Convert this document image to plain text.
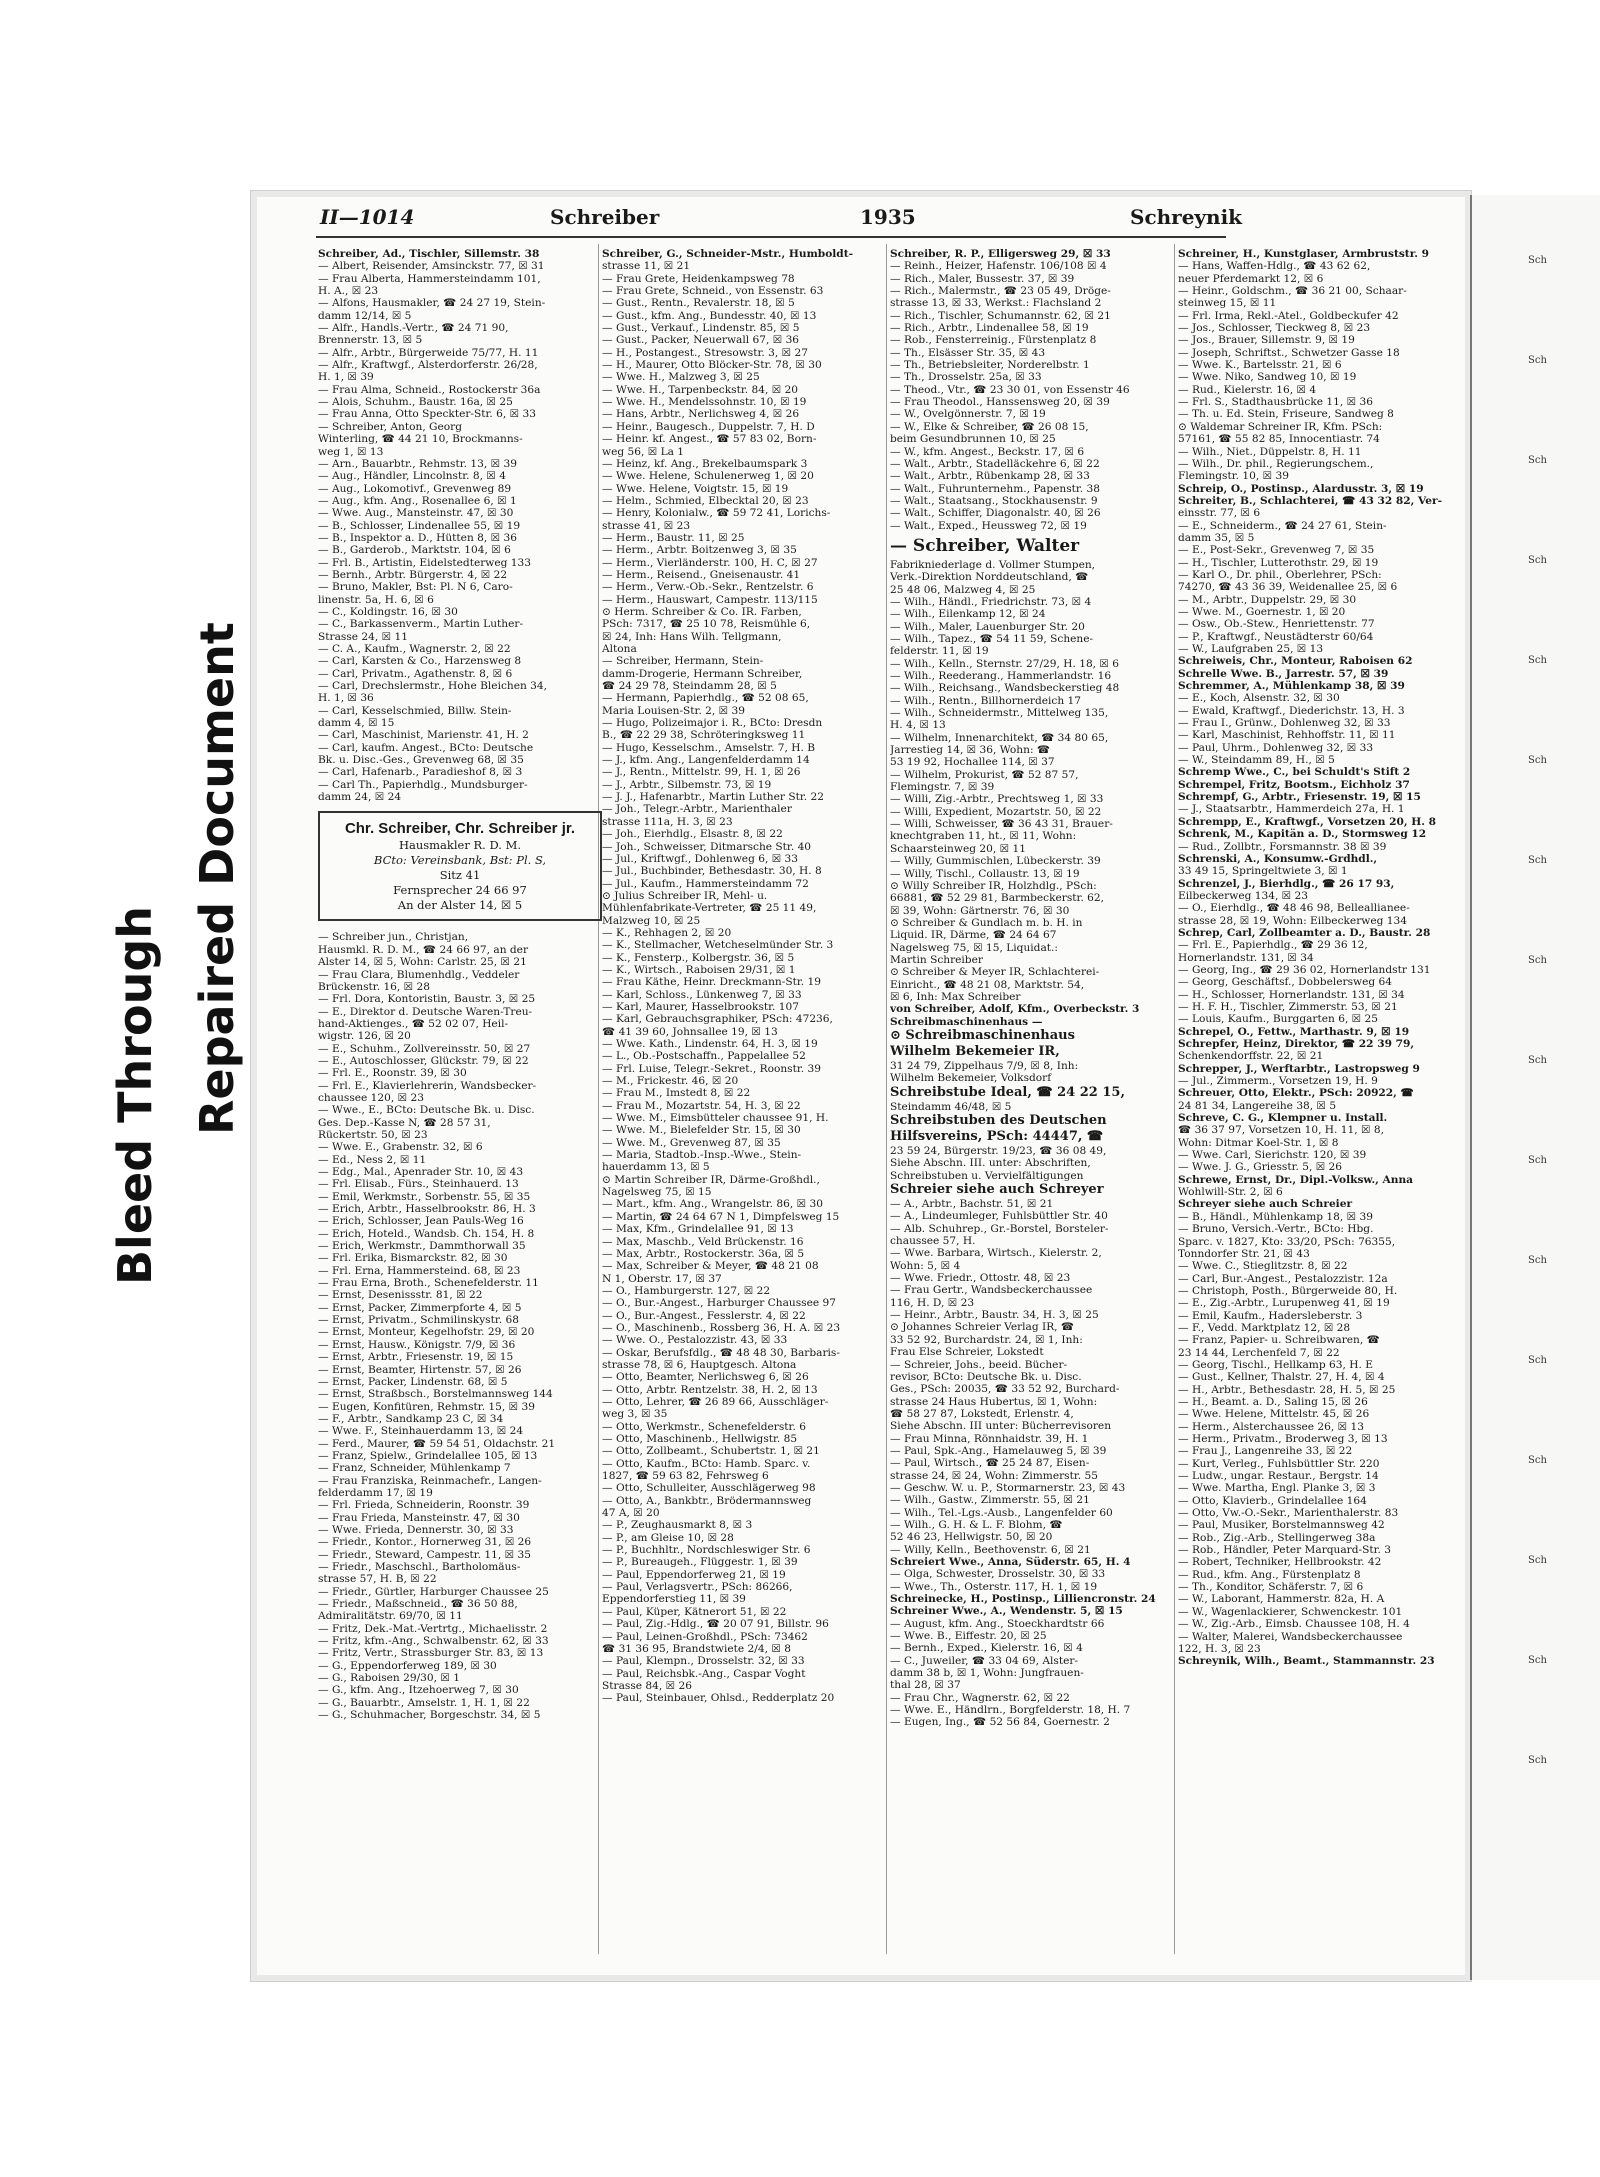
Bleed Through Repaired Document
Sch
Sch
Sch
Sch
Sch
Sch
Sch
Sch
Sch
Sch
Sch
Sch
Sch
Sch
Sch
Sch
II—1014	Schreiber	1935	Schreynik
Schreiber, Ad., Tischler, Sillemstr. 38
— Albert, Reisender, Amsinckstr. 77, ☒ 31
— Frau Alberta, Hammersteindamm 101,
H. A., ☒ 23
— Alfons, Hausmakler, ☎ 24 27 19, Stein-
damm 12/14, ☒ 5
— Alfr., Handls.-Vertr., ☎ 24 71 90,
Brennerstr. 13, ☒ 5
— Alfr., Arbtr., Bürgerweide 75/77, H. 11
— Alfr., Kraftwgf., Alsterdorferstr. 26/28,
H. 1, ☒ 39
— Frau Alma, Schneid., Rostockerstr 36a
— Alois, Schuhm., Baustr. 16a, ☒ 25
— Frau Anna, Otto Speckter-Str. 6, ☒ 33
— Schreiber, Anton, Georg
Winterling, ☎ 44 21 10, Brockmanns-
weg 1, ☒ 13
— Arn., Bauarbtr., Rehmstr. 13, ☒ 39
— Aug., Händler, Lincolnstr. 8, ☒ 4
— Aug., Lokomotivf., Grevenweg 89
— Aug., kfm. Ang., Rosenallee 6, ☒ 1
— Wwe. Aug., Mansteinstr. 47, ☒ 30
— B., Schlosser, Lindenallee 55, ☒ 19
— B., Inspektor a. D., Hütten 8, ☒ 36
— B., Garderob., Marktstr. 104, ☒ 6
— Frl. B., Artistin, Eidelstedterweg 133
— Bernh., Arbtr. Bürgerstr. 4, ☒ 22
— Bruno, Makler, Bst: Pl. N 6, Caro-
linenstr. 5a, H. 6, ☒ 6
— C., Koldingstr. 16, ☒ 30
— C., Barkassenverm., Martin Luther-
Strasse 24, ☒ 11
— C. A., Kaufm., Wagnerstr. 2, ☒ 22
— Carl, Karsten & Co., Harzensweg 8
— Carl, Privatm., Agathenstr. 8, ☒ 6
— Carl, Drechslermstr., Hohe Bleichen 34,
H. 1, ☒ 36
— Carl, Kesselschmied, Billw. Stein-
damm 4, ☒ 15
— Carl, Maschinist, Marienstr. 41, H. 2
— Carl, kaufm. Angest., BCto: Deutsche
Bk. u. Disc.-Ges., Grevenweg 68, ☒ 35
— Carl, Hafenarb., Paradieshof 8, ☒ 3
— Carl Th., Papierhdlg., Mundsburger-
damm 24, ☒ 24
Chr. Schreiber, Chr. Schreiber jr.
Hausmakler R. D. M.
BCto: Vereinsbank, Bst: Pl. S,
Sitz 41
Fernsprecher 24 66 97
An der Alster 14, ☒ 5
— Schreiber jun., Christjan,
Hausmkl. R. D. M., ☎ 24 66 97, an der
Alster 14, ☒ 5, Wohn: Carlstr. 25, ☒ 21
— Frau Clara, Blumenhdlg., Veddeler
Brückenstr. 16, ☒ 28
— Frl. Dora, Kontoristin, Baustr. 3, ☒ 25
— E., Direktor d. Deutsche Waren-Treu-
hand-Aktienges., ☎ 52 02 07, Heil-
wigstr. 126, ☒ 20
— E., Schuhm., Zollvereinsstr. 50, ☒ 27
— E., Autoschlosser, Glückstr. 79, ☒ 22
— Frl. E., Roonstr. 39, ☒ 30
— Frl. E., Klavierlehrerin, Wandsbecker-
chaussee 120, ☒ 23
— Wwe., E., BCto: Deutsche Bk. u. Disc.
Ges. Dep.-Kasse N, ☎ 28 57 31,
Rückertstr. 50, ☒ 23
— Wwe. E., Grabenstr. 32, ☒ 6
— Ed., Ness 2, ☒ 11
— Edg., Mal., Apenrader Str. 10, ☒ 43
— Frl. Elisab., Fürs., Steinhauerd. 13
— Emil, Werkmstr., Sorbenstr. 55, ☒ 35
— Erich, Arbtr., Hasselbrookstr. 86, H. 3
— Erich, Schlosser, Jean Pauls-Weg 16
— Erich, Hoteld., Wandsb. Ch. 154, H. 8
— Erich, Werkmstr., Dammthorwall 35
— Frl. Erika, Bismarckstr. 82, ☒ 30
— Frl. Erna, Hammersteind. 68, ☒ 23
— Frau Erna, Broth., Schenefelderstr. 11
— Ernst, Desenissstr. 81, ☒ 22
— Ernst, Packer, Zimmerpforte 4, ☒ 5
— Ernst, Privatm., Schmilinskystr. 68
— Ernst, Monteur, Kegelhofstr. 29, ☒ 20
— Ernst, Hausw., Königstr. 7/9, ☒ 36
— Ernst, Arbtr., Friesenstr. 19, ☒ 15
— Ernst, Beamter, Hirtenstr. 57, ☒ 26
— Ernst, Packer, Lindenstr. 68, ☒ 5
— Ernst, Straßbsch., Borstelmannsweg 144
— Eugen, Konfitüren, Rehmstr. 15, ☒ 39
— F., Arbtr., Sandkamp 23 C, ☒ 34
— Wwe. F., Steinhauerdamm 13, ☒ 24
— Ferd., Maurer, ☎ 59 54 51, Oldachstr. 21
— Franz, Spielw., Grindelallee 105, ☒ 13
— Franz, Schneider, Mühlenkamp 7
— Frau Franziska, Reinmachefr., Langen-
felderdamm 17, ☒ 19
— Frl. Frieda, Schneiderin, Roonstr. 39
— Frau Frieda, Mansteinstr. 47, ☒ 30
— Wwe. Frieda, Dennerstr. 30, ☒ 33
— Friedr., Kontor., Hornerweg 31, ☒ 26
— Friedr., Steward, Campestr. 11, ☒ 35
— Friedr., Maschschl., Bartholomäus-
strasse 57, H. B, ☒ 22
— Friedr., Gürtler, Harburger Chaussee 25
— Friedr., Maßschneid., ☎ 36 50 88,
Admiralitätstr. 69/70, ☒ 11
— Fritz, Dek.-Mat.-Vertrtg., Michaelisstr. 2
— Fritz, kfm.-Ang., Schwalbenstr. 62, ☒ 33
— Fritz, Vertr., Strassburger Str. 83, ☒ 13
— G., Eppendorferweg 189, ☒ 30
— G., Raboisen 29/30, ☒ 1
— G., kfm. Ang., Itzehoerweg 7, ☒ 30
— G., Bauarbtr., Amselstr. 1, H. 1, ☒ 22
— G., Schuhmacher, Borgeschstr. 34, ☒ 5
Schreiber, G., Schneider-Mstr., Humboldt-
strasse 11, ☒ 21
— Frau Grete, Heidenkampsweg 78
— Frau Grete, Schneid., von Essenstr. 63
— Gust., Rentn., Revalerstr. 18, ☒ 5
— Gust., kfm. Ang., Bundesstr. 40, ☒ 13
— Gust., Verkauf., Lindenstr. 85, ☒ 5
— Gust., Packer, Neuerwall 67, ☒ 36
— H., Postangest., Stresowstr. 3, ☒ 27
— H., Maurer, Otto Blöcker-Str. 78, ☒ 30
— Wwe. H., Malzweg 3, ☒ 25
— Wwe. H., Tarpenbeckstr. 84, ☒ 20
— Wwe. H., Mendelssohnstr. 10, ☒ 19
— Hans, Arbtr., Nerlichsweg 4, ☒ 26
— Heinr., Baugesch., Duppelstr. 7, H. D
— Heinr. kf. Angest., ☎ 57 83 02, Born-
weg 56, ☒ La 1
— Heinz, kf. Ang., Brekelbaumspark 3
— Wwe. Helene, Schulenerweg 1, ☒ 20
— Wwe. Helene, Voigtstr. 15, ☒ 19
— Helm., Schmied, Elbecktal 20, ☒ 23
— Henry, Kolonialw., ☎ 59 72 41, Lorichs-
strasse 41, ☒ 23
— Herm., Baustr. 11, ☒ 25
— Herm., Arbtr. Boitzenweg 3, ☒ 35
— Herm., Vierländerstr. 100, H. C, ☒ 27
— Herm., Reisend., Gneisenaustr. 41
— Herm., Verw.-Ob.-Sekr., Rentzelstr. 6
— Herm., Hauswart, Campestr. 113/115
⊙ Herm. Schreiber & Co. IR. Farben,
PSch: 7317, ☎ 25 10 78, Reismühle 6,
☒ 24, Inh: Hans Wilh. Tellgmann,
Altona
— Schreiber, Hermann, Stein-
damm-Drogerie, Hermann Schreiber,
☎ 24 29 78, Steindamm 28, ☒ 5
— Hermann, Papierhdlg., ☎ 52 08 65,
Maria Louisen-Str. 2, ☒ 39
— Hugo, Polizeimajor i. R., BCto: Dresdn
B., ☎ 22 29 38, Schröteringksweg 11
— Hugo, Kesselschm., Amselstr. 7, H. B
— J., kfm. Ang., Langenfelderdamm 14
— J., Rentn., Mittelstr. 99, H. 1, ☒ 26
— J., Arbtr., Silbemstr. 73, ☒ 19
— J. J., Hafenarbtr., Martin Luther Str. 22
— Joh., Telegr.-Arbtr., Marienthaler
strasse 111a, H. 3, ☒ 23
— Joh., Eierhdlg., Elsastr. 8, ☒ 22
— Joh., Schweisser, Ditmarsche Str. 40
— Jul., Kriftwgf., Dohlenweg 6, ☒ 33
— Jul., Buchbinder, Bethesdastr. 30, H. 8
— Jul., Kaufm., Hammersteindamm 72
⊙ Julius Schreiber IR, Mehl- u.
Mühlenfabrikate-Vertreter, ☎ 25 11 49,
Malzweg 10, ☒ 25
— K., Rehhagen 2, ☒ 20
— K., Stellmacher, Wetcheselmünder Str. 3
— K., Fensterp., Kolbergstr. 36, ☒ 5
— K., Wirtsch., Raboisen 29/31, ☒ 1
— Frau Käthe, Heinr. Dreckmann-Str. 19
— Karl, Schloss., Lünkenweg 7, ☒ 33
— Karl, Maurer, Hasselbrookstr. 107
— Karl, Gebrauchsgraphiker, PSch: 47236,
☎ 41 39 60, Johnsallee 19, ☒ 13
— Wwe. Kath., Lindenstr. 64, H. 3, ☒ 19
— L., Ob.-Postschaffn., Pappelallee 52
— Frl. Luise, Telegr.-Sekret., Roonstr. 39
— M., Frickestr. 46, ☒ 20
— Frau M., Imstedt 8, ☒ 22
— Frau M., Mozartstr. 54, H. 3, ☒ 22
— Wwe. M., Eimsbütteler chaussee 91, H.
— Wwe. M., Bielefelder Str. 15, ☒ 30
— Wwe. M., Grevenweg 87, ☒ 35
— Maria, Stadtob.-Insp.-Wwe., Stein-
hauerdamm 13, ☒ 5
⊙ Martin Schreiber IR, Därme-Großhdl.,
Nagelsweg 75, ☒ 15
— Mart., kfm. Ang., Wrangelstr. 86, ☒ 30
— Martin, ☎ 24 64 67 N 1, Dimpfelsweg 15
— Max, Kfm., Grindelallee 91, ☒ 13
— Max, Maschb., Veld Brückenstr. 16
— Max, Arbtr., Rostockerstr. 36a, ☒ 5
— Max, Schreiber & Meyer, ☎ 48 21 08
N 1, Oberstr. 17, ☒ 37
— O., Hamburgerstr. 127, ☒ 22
— O., Bur.-Angest., Harburger Chaussee 97
— O., Bur.-Angest., Fesslerstr. 4, ☒ 22
— O., Maschinenb., Rossberg 36, H. A. ☒ 23
— Wwe. O., Pestalozzistr. 43, ☒ 33
— Oskar, Berufsfdlg., ☎ 48 48 30, Barbaris-
strasse 78, ☒ 6, Hauptgesch. Altona
— Otto, Beamter, Nerlichsweg 6, ☒ 26
— Otto, Arbtr. Rentzelstr. 38, H. 2, ☒ 13
— Otto, Lehrer, ☎ 26 89 66, Ausschläger-
weg 3, ☒ 35
— Otto, Werkmstr., Schenefelderstr. 6
— Otto, Maschinenb., Hellwigstr. 85
— Otto, Zollbeamt., Schubertstr. 1, ☒ 21
— Otto, Kaufm., BCto: Hamb. Sparc. v.
1827, ☎ 59 63 82, Fehrsweg 6
— Otto, Schulleiter, Ausschlägerweg 98
— Otto, A., Bankbtr., Brödermannsweg
47 A, ☒ 20
— P., Zeughausmarkt 8, ☒ 3
— P., am Gleise 10, ☒ 28
— P., Buchhltr., Nordschleswiger Str. 6
— P., Bureaugeh., Flüggestr. 1, ☒ 39
— Paul, Eppendorferweg 21, ☒ 19
— Paul, Verlagsvertr., PSch: 86266,
Eppendorferstieg 11, ☒ 39
— Paul, Küper, Kätnerort 51, ☒ 22
— Paul, Zig.-Hdlg., ☎ 20 07 91, Billstr. 96
— Paul, Leinen-Großhdl., PSch: 73462
☎ 31 36 95, Brandstwiete 2/4, ☒ 8
— Paul, Klempn., Drosselstr. 32, ☒ 33
— Paul, Reichsbk.-Ang., Caspar Voght
Strasse 84, ☒ 26
— Paul, Steinbauer, Ohlsd., Redderplatz 20
Schreiber, R. P., Elligersweg 29, ☒ 33
— Reinh., Heizer, Hafenstr. 106/108 ☒ 4
— Rich., Maler, Bussestr. 37, ☒ 39
— Rich., Malermstr., ☎ 23 05 49, Dröge-
strasse 13, ☒ 33, Werkst.: Flachsland 2
— Rich., Tischler, Schumannstr. 62, ☒ 21
— Rich., Arbtr., Lindenallee 58, ☒ 19
— Rob., Fensterreinig., Fürstenplatz 8
— Th., Elsässer Str. 35, ☒ 43
— Th., Betriebsleiter, Norderelbstr. 1
— Th., Drosselstr. 25a, ☒ 33
— Theod., Vtr., ☎ 23 30 01, von Essenstr 46
— Frau Theodol., Hanssensweg 20, ☒ 39
— W., Ovelgönnerstr. 7, ☒ 19
— W., Elke & Schreiber, ☎ 26 08 15,
beim Gesundbrunnen 10, ☒ 25
— W., kfm. Angest., Beckstr. 17, ☒ 6
— Walt., Arbtr., Stadelläckehre 6, ☒ 22
— Walt., Arbtr., Rübenkamp 28, ☒ 33
— Walt., Fuhrunternehm., Papenstr. 38
— Walt., Staatsang., Stockhausenstr. 9
— Walt., Schiffer, Diagonalstr. 40, ☒ 26
— Walt., Exped., Heussweg 72, ☒ 19
— Schreiber, Walter
Fabrikniederlage d. Vollmer Stumpen,
Verk.-Direktion Norddeutschland, ☎
25 48 06, Malzweg 4, ☒ 25
— Wilh., Händl., Friedrichstr. 73, ☒ 4
— Wilh., Eilenkamp 12, ☒ 24
— Wilh., Maler, Lauenburger Str. 20
— Wilh., Tapez., ☎ 54 11 59, Schene-
felderstr. 11, ☒ 19
— Wilh., Kelln., Sternstr. 27/29, H. 18, ☒ 6
— Wilh., Reederang., Hammerlandstr. 16
— Wilh., Reichsang., Wandsbeckerstieg 48
— Wilh., Rentn., Billhornerdeich 17
— Wilh., Schneidermstr., Mittelweg 135,
H. 4, ☒ 13
— Wilhelm, Innenarchitekt, ☎ 34 80 65,
Jarrestieg 14, ☒ 36, Wohn: ☎
53 19 92, Hochallee 114, ☒ 37
— Wilhelm, Prokurist, ☎ 52 87 57,
Flemingstr. 7, ☒ 39
— Willi, Zig.-Arbtr., Prechtsweg 1, ☒ 33
— Willi, Expedient, Mozartstr. 50, ☒ 22
— Willi, Schweisser, ☎ 36 43 31, Brauer-
knechtgraben 11, ht., ☒ 11, Wohn:
Schaarsteinweg 20, ☒ 11
— Willy, Gummischlen, Lübeckerstr. 39
— Willy, Tischl., Collaustr. 13, ☒ 19
⊙ Willy Schreiber IR, Holzhdlg., PSch:
66881, ☎ 52 29 81, Barmbeckerstr. 62,
☒ 39, Wohn: Gärtnerstr. 76, ☒ 30
⊙ Schreiber & Gundlach m. b. H. in
Liquid. IR, Därme, ☎ 24 64 67
Nagelsweg 75, ☒ 15, Liquidat.:
Martin Schreiber
⊙ Schreiber & Meyer IR, Schlachterei-
Einricht., ☎ 48 21 08, Marktstr. 54,
☒ 6, Inh: Max Schreiber
von Schreiber, Adolf, Kfm., Overbeckstr. 3
Schreibmaschinenhaus —
⊙ Schreibmaschinenhaus
Wilhelm Bekemeier IR,
31 24 79, Zippelhaus 7/9, ☒ 8, Inh:
Wilhelm Bekemeier, Volksdorf
Schreibstube Ideal, ☎ 24 22 15,
Steindamm 46/48, ☒ 5
Schreibstuben des Deutschen
Hilfsvereins, PSch: 44447, ☎
23 59 24, Bürgerstr. 19/23, ☎ 36 08 49,
Siehe Abschn. III. unter: Abschriften,
Schreibstuben u. Vervielfältigungen
Schreier siehe auch Schreyer
— A., Arbtr., Bachstr. 51, ☒ 21
— A., Lindeumleger, Fuhlsbüttler Str. 40
— Alb. Schuhrep., Gr.-Borstel, Borsteler-
chaussee 57, H.
— Wwe. Barbara, Wirtsch., Kielerstr. 2,
Wohn: 5, ☒ 4
— Wwe. Friedr., Ottostr. 48, ☒ 23
— Frau Gertr., Wandsbeckerchaussee
116, H. D, ☒ 23
— Heinr., Arbtr., Baustr. 34, H. 3, ☒ 25
⊙ Johannes Schreier Verlag IR, ☎
33 52 92, Burchardstr. 24, ☒ 1, Inh:
Frau Else Schreier, Lokstedt
— Schreier, Johs., beeid. Bücher-
revisor, BCto: Deutsche Bk. u. Disc.
Ges., PSch: 20035, ☎ 33 52 92, Burchard-
strasse 24 Haus Hubertus, ☒ 1, Wohn:
☎ 58 27 87, Lokstedt, Erlenstr. 4,
Siehe Abschn. III unter: Bücherrevisoren
— Frau Minna, Rönnhaidstr. 39, H. 1
— Paul, Spk.-Ang., Hamelauweg 5, ☒ 39
— Paul, Wirtsch., ☎ 25 24 87, Eisen-
strasse 24, ☒ 24, Wohn: Zimmerstr. 55
— Geschw. W. u. P., Stormarnerstr. 23, ☒ 43
— Wilh., Gastw., Zimmerstr. 55, ☒ 21
— Wilh., Tel.-Lgs.-Ausb., Langenfelder 60
— Wilh., G. H. & L. F. Blohm, ☎
52 46 23, Hellwigstr. 50, ☒ 20
— Willy, Kelln., Beethovenstr. 6, ☒ 21
Schreiert Wwe., Anna, Süderstr. 65, H. 4
— Olga, Schwester, Drosselstr. 30, ☒ 33
— Wwe., Th., Osterstr. 117, H. 1, ☒ 19
Schreinecke, H., Postinsp., Lilliencronstr. 24
Schreiner Wwe., A., Wendenstr. 5, ☒ 15
— August, kfm. Ang., Stoeckhardtstr 66
— Wwe. B., Eiffestr. 20, ☒ 25
— Bernh., Exped., Kielerstr. 16, ☒ 4
— C., Juweiler, ☎ 33 04 69, Alster-
damm 38 b, ☒ 1, Wohn: Jungfrauen-
thal 28, ☒ 37
— Frau Chr., Wagnerstr. 62, ☒ 22
— Wwe. E., Händlrn., Borgfelderstr. 18, H. 7
— Eugen, Ing., ☎ 52 56 84, Goernestr. 2
Schreiner, H., Kunstglaser, Armbruststr. 9
— Hans, Waffen-Hdlg., ☎ 43 62 62,
neuer Pferdemarkt 12, ☒ 6
— Heinr., Goldschm., ☎ 36 21 00, Schaar-
steinweg 15, ☒ 11
— Frl. Irma, Rekl.-Atel., Goldbeckufer 42
— Jos., Schlosser, Tieckweg 8, ☒ 23
— Jos., Brauer, Sillemstr. 9, ☒ 19
— Joseph, Schriftst., Schwetzer Gasse 18
— Wwe. K., Bartelsstr. 21, ☒ 6
— Wwe. Niko, Sandweg 10, ☒ 19
— Rud., Kielerstr. 16, ☒ 4
— Frl. S., Stadthausbrücke 11, ☒ 36
— Th. u. Ed. Stein, Friseure, Sandweg 8
⊙ Waldemar Schreiner IR, Kfm. PSch:
57161, ☎ 55 82 85, Innocentiastr. 74
— Wilh., Niet., Düppelstr. 8, H. 11
— Wilh., Dr. phil., Regierungschem.,
Flemingstr. 10, ☒ 39
Schreip, O., Postinsp., Alardusstr. 3, ☒ 19
Schreiter, B., Schlachterei, ☎ 43 32 82, Ver-
einsstr. 77, ☒ 6
— E., Schneiderm., ☎ 24 27 61, Stein-
damm 35, ☒ 5
— E., Post-Sekr., Grevenweg 7, ☒ 35
— H., Tischler, Lutterothstr. 29, ☒ 19
— Karl O., Dr. phil., Oberlehrer, PSch:
74270, ☎ 43 36 39, Weidenallee 25, ☒ 6
— M., Arbtr., Duppelstr. 29, ☒ 30
— Wwe. M., Goernestr. 1, ☒ 20
— Osw., Ob.-Stew., Henriettenstr. 77
— P., Kraftwgf., Neustädterstr 60/64
— W., Laufgraben 25, ☒ 13
Schreiweis, Chr., Monteur, Raboisen 62
Schrelle Wwe. B., Jarrestr. 57, ☒ 39
Schremmer, A., Mühlenkamp 38, ☒ 39
— E., Koch, Alsenstr. 32, ☒ 30
— Ewald, Kraftwgf., Diederichstr. 13, H. 3
— Frau I., Grünw., Dohlenweg 32, ☒ 33
— Karl, Maschinist, Rehhoffstr. 11, ☒ 11
— Paul, Uhrm., Dohlenweg 32, ☒ 33
— W., Steindamm 89, H., ☒ 5
Schremp Wwe., C., bei Schuldt's Stift 2
Schrempel, Fritz, Bootsm., Eichholz 37
Schrempf, G., Arbtr., Friesenstr. 19, ☒ 15
— J., Staatsarbtr., Hammerdeich 27a, H. 1
Schrempp, E., Kraftwgf., Vorsetzen 20, H. 8
Schrenk, M., Kapitän a. D., Stormsweg 12
— Rud., Zollbtr., Forsmannstr. 38 ☒ 39
Schrenski, A., Konsumw.-Grdhdl.,
33 49 15, Springeltwiete 3, ☒ 1
Schrenzel, J., Bierhdlg., ☎ 26 17 93,
Eilbeckerweg 134, ☒ 23
— O., Eierhdlg., ☎ 48 46 98, Belleallianee-
strasse 28, ☒ 19, Wohn: Eilbeckerweg 134
Schrep, Carl, Zollbeamter a. D., Baustr. 28
— Frl. E., Papierhdlg., ☎ 29 36 12,
Hornerlandstr. 131, ☒ 34
— Georg, Ing., ☎ 29 36 02, Hornerlandstr 131
— Georg, Geschäftsf., Dobbelersweg 64
— H., Schlosser, Hornerlandstr. 131, ☒ 34
— H. F. H., Tischler, Zimmerstr. 53, ☒ 21
— Louis, Kaufm., Burggarten 6, ☒ 25
Schrepel, O., Fettw., Marthastr. 9, ☒ 19
Schrepfer, Heinz, Direktor, ☎ 22 39 79,
Schenkendorffstr. 22, ☒ 21
Schrepper, J., Werftarbtr., Lastropsweg 9
— Jul., Zimmerm., Vorsetzen 19, H. 9
Schreuer, Otto, Elektr., PSch: 20922, ☎
24 81 34, Langereihe 38, ☒ 5
Schreve, C. G., Klempner u. Install.
☎ 36 37 97, Vorsetzen 10, H. 11, ☒ 8,
Wohn: Ditmar Koel-Str. 1, ☒ 8
— Wwe. Carl, Sierichstr. 120, ☒ 39
— Wwe. J. G., Griesstr. 5, ☒ 26
Schrewe, Ernst, Dr., Dipl.-Volksw., Anna
Wohlwill-Str. 2, ☒ 6
Schreyer siehe auch Schreier
— B., Händl., Mühlenkamp 18, ☒ 39
— Bruno, Versich.-Vertr., BCto: Hbg.
Sparc. v. 1827, Kto: 33/20, PSch: 76355,
Tonndorfer Str. 21, ☒ 43
— Wwe. C., Stieglitzstr. 8, ☒ 22
— Carl, Bur.-Angest., Pestalozzistr. 12a
— Christoph, Posth., Bürgerweide 80, H.
— E., Zig.-Arbtr., Lurupenweg 41, ☒ 19
— Emil, Kaufm., Hadersleberstr. 3
— F., Vedd. Marktplatz 12, ☒ 28
— Franz, Papier- u. Schreibwaren, ☎
23 14 44, Lerchenfeld 7, ☒ 22
— Georg, Tischl., Hellkamp 63, H. E
— Gust., Kellner, Thalstr. 27, H. 4, ☒ 4
— H., Arbtr., Bethesdastr. 28, H. 5, ☒ 25
— H., Beamt. a. D., Saling 15, ☒ 26
— Wwe. Helene, Mittelstr. 45, ☒ 26
— Herm., Alsterchaussee 26, ☒ 13
— Herm., Privatm., Broderweg 3, ☒ 13
— Frau J., Langenreihe 33, ☒ 22
— Kurt, Verleg., Fuhlsbüttler Str. 220
— Ludw., ungar. Restaur., Bergstr. 14
— Wwe. Martha, Engl. Planke 3, ☒ 3
— Otto, Klavierb., Grindelallee 164
— Otto, Vw.-O.-Sekr., Marienthalerstr. 83
— Paul, Musiker, Borstelmannsweg 42
— Rob., Zig.-Arb., Stellingerweg 38a
— Rob., Händler, Peter Marquard-Str. 3
— Robert, Techniker, Hellbrookstr. 42
— Rud., kfm. Ang., Fürstenplatz 8
— Th., Konditor, Schäferstr. 7, ☒ 6
— W., Laborant, Hammerstr. 82a, H. A
— W., Wagenlackierer, Schwenckestr. 101
— W., Zig.-Arb., Eimsb. Chaussee 108, H. 4
— Walter, Malerei, Wandsbeckerchaussee
122, H. 3, ☒ 23
Schreynik, Wilh., Beamt., Stammannstr. 23
